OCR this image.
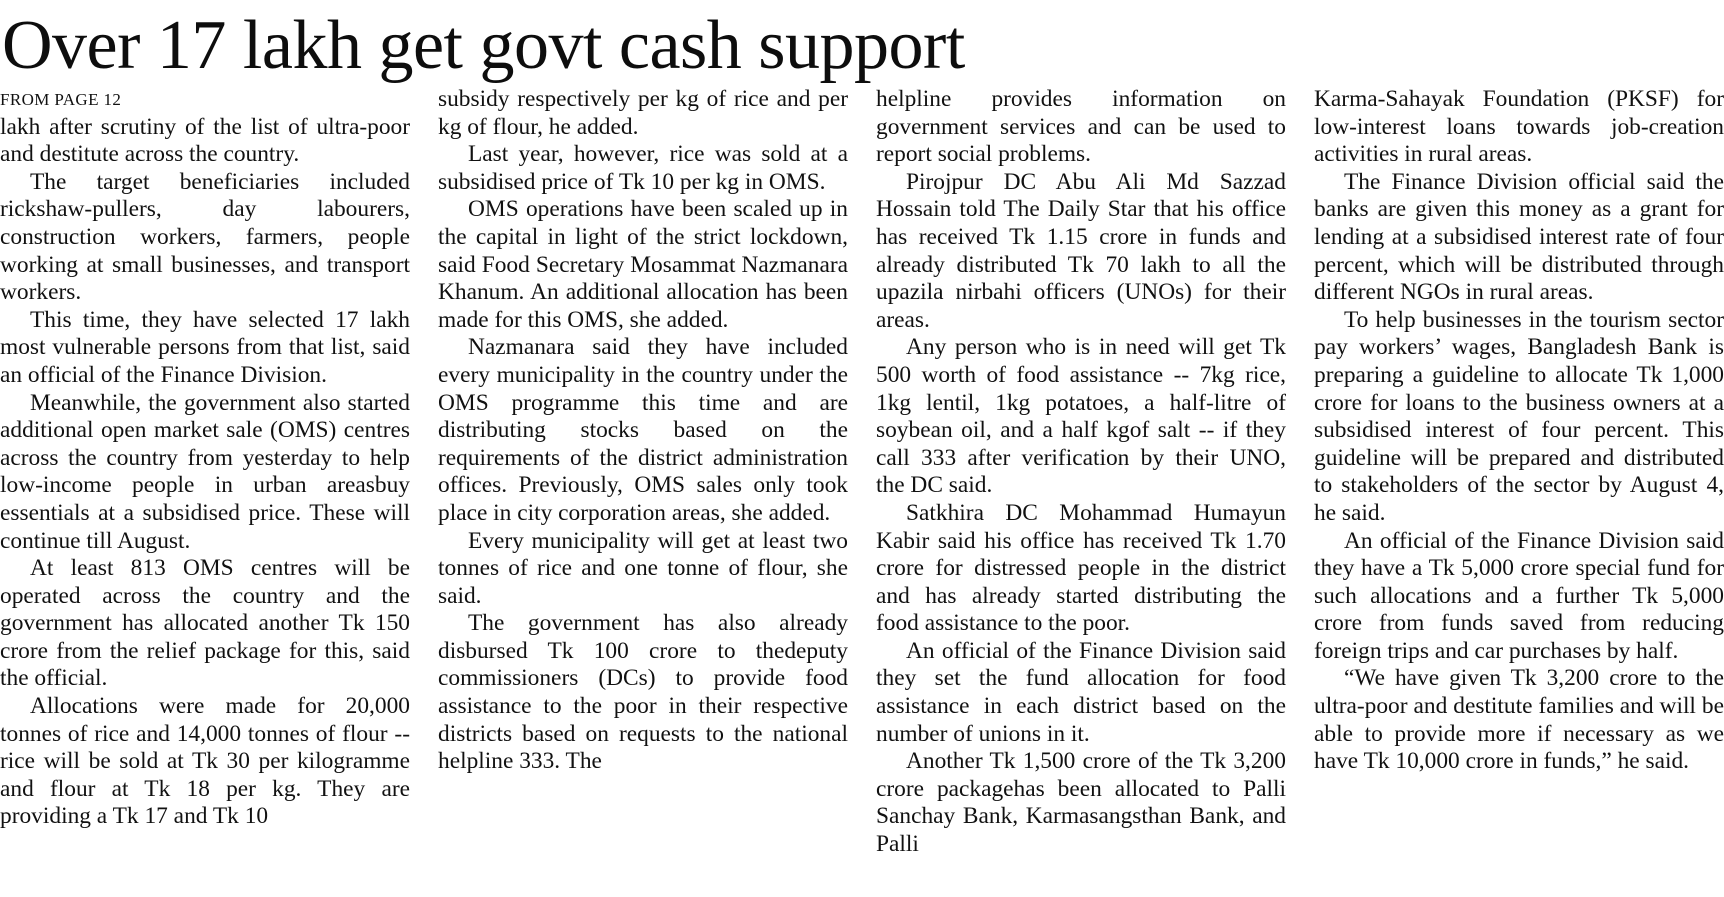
Over 17 lakh get govt cash support
FROM PAGE 12

lakh after scrutiny of the list of ultra-poor and destitute across the country.

The target beneficiaries included rickshaw-pullers, day labourers, construction workers, farmers, people working at small businesses, and transport workers.

This time, they have selected 17 lakh most vulnerable persons from that list, said an official of the Finance Division.

Meanwhile, the government also started additional open market sale (OMS) centres across the country from yesterday to help low-income people in urban areasbuy essentials at a subsidised price. These will continue till August.

At least 813 OMS centres will be operated across the country and the government has allocated another Tk 150 crore from the relief package for this, said the official.

Allocations were made for 20,000 tonnes of rice and 14,000 tonnes of flour -- rice will be sold at Tk 30 per kilogramme and flour at Tk 18 per kg. They are providing a Tk 17 and Tk 10

subsidy respectively per kg of rice and per kg of flour, he added.

Last year, however, rice was sold at a subsidised price of Tk 10 per kg in OMS.

OMS operations have been scaled up in the capital in light of the strict lockdown, said Food Secretary Mosammat Nazmanara Khanum. An additional allocation has been made for this OMS, she added.

Nazmanara said they have included every municipality in the country under the OMS programme this time and are distributing stocks based on the requirements of the district administration offices. Previously, OMS sales only took place in city corporation areas, she added.

Every municipality will get at least two tonnes of rice and one tonne of flour, she said.

The government has also already disbursed Tk 100 crore to thedeputy commissioners (DCs) to provide food assistance to the poor in their respective districts based on requests to the national helpline 333. The

helpline provides information on government services and can be used to report social problems.

Pirojpur DC Abu Ali Md Sazzad Hossain told The Daily Star that his office has received Tk 1.15 crore in funds and already distributed Tk 70 lakh to all the upazila nirbahi officers (UNOs) for their areas.

Any person who is in need will get Tk 500 worth of food assistance -- 7kg rice, 1kg lentil, 1kg potatoes, a half-litre of soybean oil, and a half kgof salt -- if they call 333 after verification by their UNO, the DC said.

Satkhira DC Mohammad Humayun Kabir said his office has received Tk 1.70 crore for distressed people in the district and has already started distributing the food assistance to the poor.

An official of the Finance Division said they set the fund allocation for food assistance in each district based on the number of unions in it.

Another Tk 1,500 crore of the Tk 3,200 crore packagehas been allocated to Palli Sanchay Bank, Karmasangsthan Bank, and Palli

Karma-Sahayak Foundation (PKSF) for low-interest loans towards job-creation activities in rural areas.

The Finance Division official said the banks are given this money as a grant for lending at a subsidised interest rate of four percent, which will be distributed through different NGOs in rural areas.

To help businesses in the tourism sector pay workers’ wages, Bangladesh Bank is preparing a guideline to allocate Tk 1,000 crore for loans to the business owners at a subsidised interest of four percent. This guideline will be prepared and distributed to stakeholders of the sector by August 4, he said.

An official of the Finance Division said they have a Tk 5,000 crore special fund for such allocations and a further Tk 5,000 crore from funds saved from reducing foreign trips and car purchases by half.

“We have given Tk 3,200 crore to the ultra-poor and destitute families and will be able to provide more if necessary as we have Tk 10,000 crore in funds,” he said.
